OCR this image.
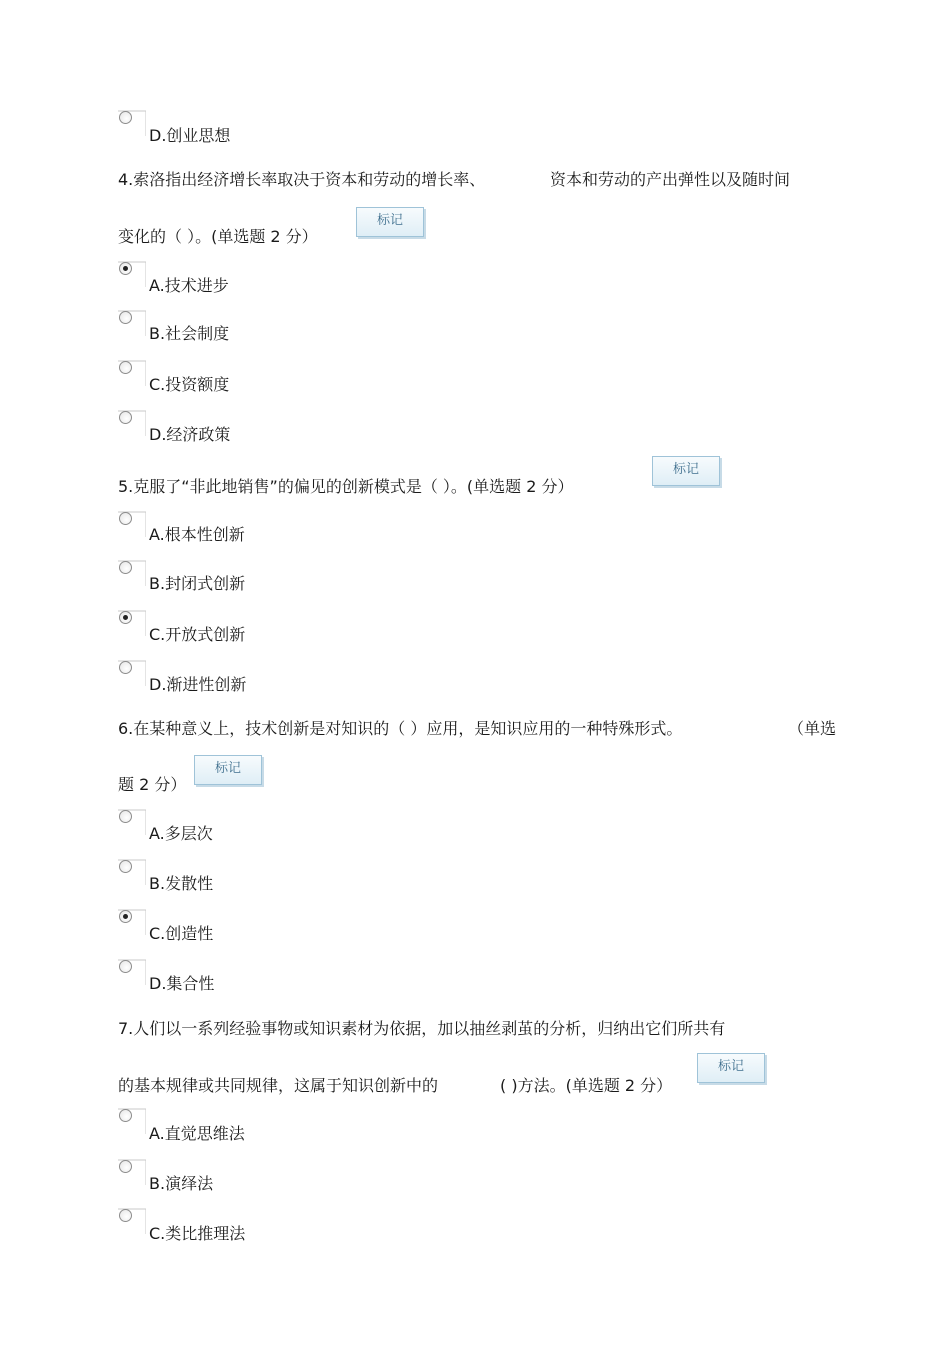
D.创业思想
4.索洛指出经济增长率取决于资本和劳动的增长率、	资本和劳动的产出弹性以及随时间
变化的（ ）。(单选题 2 分）
标记
A.技术进步
B.社会制度
C.投资额度
D.经济政策
5.克服了“非此地销售”的偏见的创新模式是（ ）。(单选题 2 分）
标记
A.根本性创新
B.封闭式创新
C.开放式创新
D.渐进性创新
6.在某种意义上，技术创新是对知识的（ ）应用，是知识应用的一种特殊形式。	（单选
题 2 分）
标记
A.多层次
B.发散性
C.创造性
D.集合性
7.人们以一系列经验事物或知识素材为依据，加以抽丝剥茧的分析，归纳出它们所共有
的基本规律或共同规律，这属于知识创新中的	( )方法。(单选题 2 分）
标记
A.直觉思维法
B.演绎法
C.类比推理法
